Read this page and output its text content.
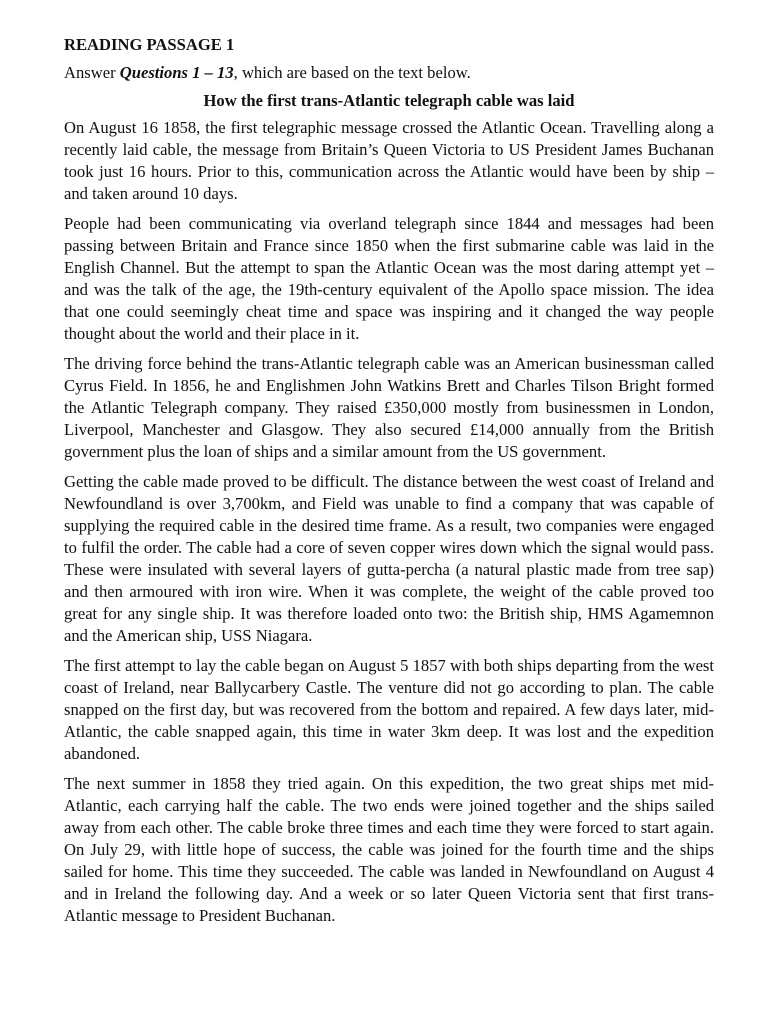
READING PASSAGE 1
Answer Questions 1 – 13, which are based on the text below.
How the first trans-Atlantic telegraph cable was laid

On August 16 1858, the first telegraphic message crossed the Atlantic Ocean. Travelling along a recently laid cable, the message from Britain’s Queen Victoria to US President James Buchanan took just 16 hours. Prior to this, communication across the Atlantic would have been by ship – and taken around 10 days.

People had been communicating via overland telegraph since 1844 and messages had been passing between Britain and France since 1850 when the first submarine cable was laid in the English Channel. But the attempt to span the Atlantic Ocean was the most daring attempt yet – and was the talk of the age, the 19th-century equivalent of the Apollo space mission. The idea that one could seemingly cheat time and space was inspiring and it changed the way people thought about the world and their place in it.

The driving force behind the trans-Atlantic telegraph cable was an American businessman called Cyrus Field. In 1856, he and Englishmen John Watkins Brett and Charles Tilson Bright formed the Atlantic Telegraph company. They raised £350,000 mostly from businessmen in London, Liverpool, Manchester and Glasgow. They also secured £14,000 annually from the British government plus the loan of ships and a similar amount from the US government.

Getting the cable made proved to be difficult. The distance between the west coast of Ireland and Newfoundland is over 3,700km, and Field was unable to find a company that was capable of supplying the required cable in the desired time frame. As a result, two companies were engaged to fulfil the order. The cable had a core of seven copper wires down which the signal would pass. These were insulated with several layers of gutta-percha (a natural plastic made from tree sap) and then armoured with iron wire. When it was complete, the weight of the cable proved too great for any single ship. It was therefore loaded onto two: the British ship, HMS Agamemnon and the American ship, USS Niagara.

The first attempt to lay the cable began on August 5 1857 with both ships departing from the west coast of Ireland, near Ballycarbery Castle. The venture did not go according to plan. The cable snapped on the first day, but was recovered from the bottom and repaired. A few days later, mid-Atlantic, the cable snapped again, this time in water 3km deep. It was lost and the expedition abandoned.

The next summer in 1858 they tried again. On this expedition, the two great ships met mid-Atlantic, each carrying half the cable. The two ends were joined together and the ships sailed away from each other. The cable broke three times and each time they were forced to start again. On July 29, with little hope of success, the cable was joined for the fourth time and the ships sailed for home. This time they succeeded. The cable was landed in Newfoundland on August 4 and in Ireland the following day. And a week or so later Queen Victoria sent that first trans-Atlantic message to President Buchanan.
